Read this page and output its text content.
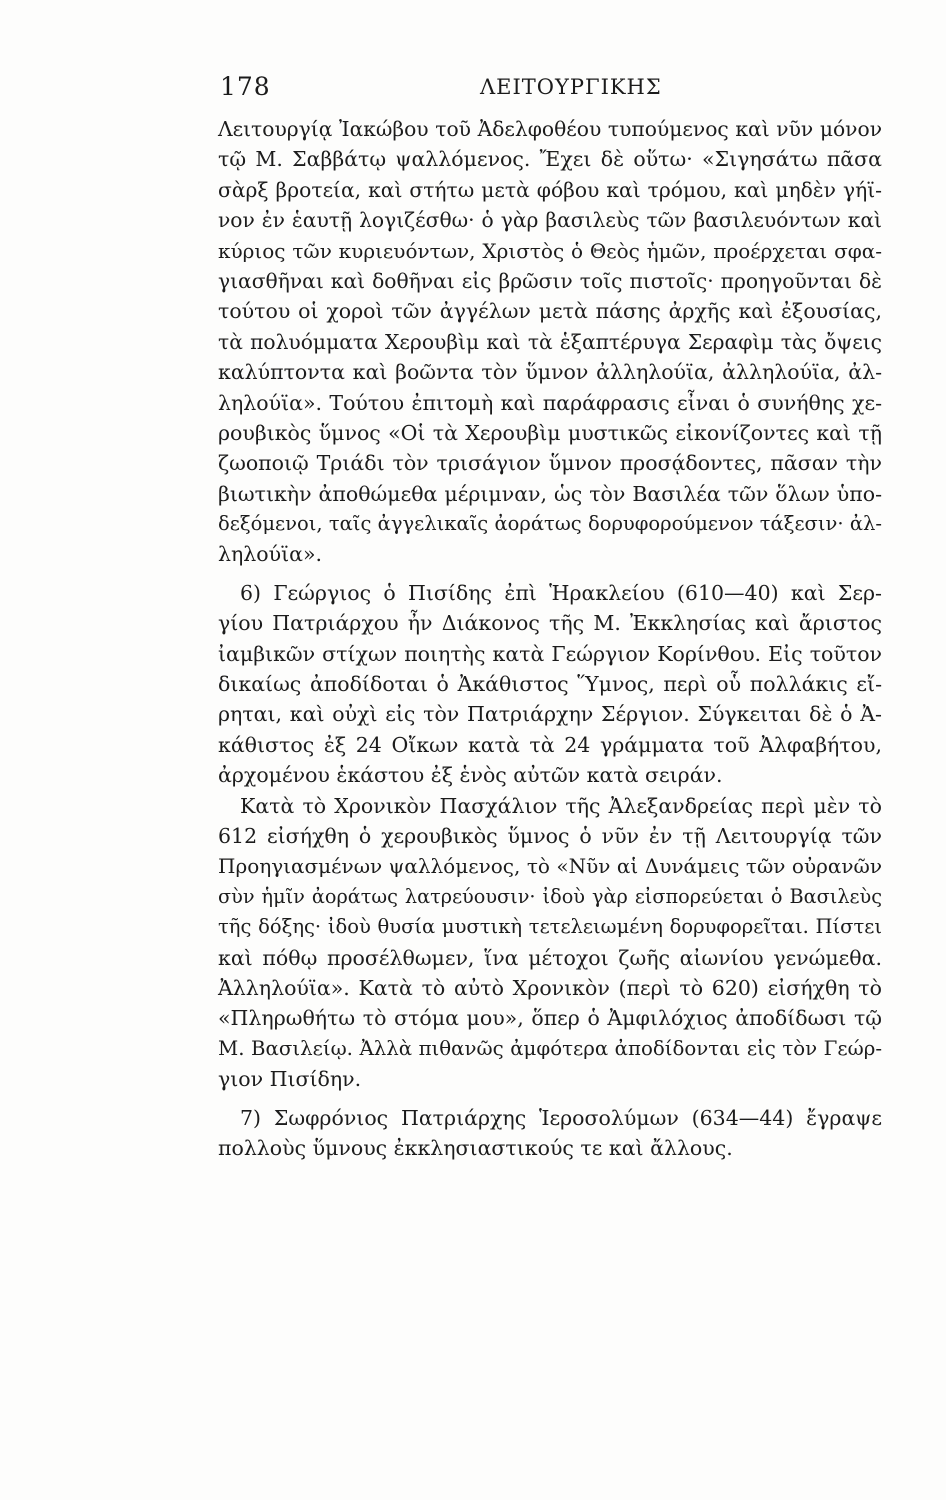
178	ΛΕΙΤΟΥΡΓΙΚΗΣ
Λειτουργίᾳ Ἰακώβου τοῦ Ἀδελφοθέου τυπούμενος καὶ νῦν μόνον
τῷ Μ. Σαββάτῳ ψαλλόμενος. Ἔχει δὲ οὕτω· «Σιγησάτω πᾶσα
σὰρξ βροτεία, καὶ στήτω μετὰ φόβου καὶ τρόμου, καὶ μηδὲν γήϊ-
νον ἐν ἑαυτῇ λογιζέσθω· ὁ γὰρ βασιλεὺς τῶν βασιλευόντων καὶ
κύριος τῶν κυριευόντων, Χριστὸς ὁ Θεὸς ἡμῶν, προέρχεται σφα-
γιασθῆναι καὶ δοθῆναι εἰς βρῶσιν τοῖς πιστοῖς· προηγοῦνται δὲ
τούτου οἱ χοροὶ τῶν ἀγγέλων μετὰ πάσης ἀρχῆς καὶ ἐξουσίας,
τὰ πολυόμματα Χερουβὶμ καὶ τὰ ἑξαπτέρυγα Σεραφὶμ τὰς ὄψεις
καλύπτοντα καὶ βοῶντα τὸν ὕμνον ἀλληλούϊα, ἀλληλούϊα, ἀλ-
ληλούϊα». Τούτου ἐπιτομὴ καὶ παράφρασις εἶναι ὁ συνήθης χε-
ρουβικὸς ὕμνος «Οἱ τὰ Χερουβὶμ μυστικῶς εἰκονίζοντες καὶ τῇ
ζωοποιῷ Τριάδι τὸν τρισάγιον ὕμνον προσᾴδοντες, πᾶσαν τὴν
βιωτικὴν ἀποθώμεθα μέριμναν, ὡς τὸν Βασιλέα τῶν ὅλων ὑπο-
δεξόμενοι, ταῖς ἀγγελικαῖς ἀοράτως δορυφορούμενον τάξεσιν· ἀλ-
ληλούϊα».
6) Γεώργιος ὁ Πισίδης ἐπὶ Ἡρακλείου (610—40) καὶ Σερ-
γίου Πατριάρχου ἦν Διάκονος τῆς Μ. Ἐκκλησίας καὶ ἄριστος
ἰαμβικῶν στίχων ποιητὴς κατὰ Γεώργιον Κορίνθου. Εἰς τοῦτον
δικαίως ἀποδίδοται ὁ Ἀκάθιστος Ὕμνος, περὶ οὗ πολλάκις εἴ-
ρηται, καὶ οὐχὶ εἰς τὸν Πατριάρχην Σέργιον. Σύγκειται δὲ ὁ Ἀ-
κάθιστος ἐξ 24 Οἴκων κατὰ τὰ 24 γράμματα τοῦ Ἀλφαβήτου,
ἀρχομένου ἑκάστου ἐξ ἑνὸς αὐτῶν κατὰ σειράν.
Κατὰ τὸ Χρονικὸν Πασχάλιον τῆς Ἀλεξανδρείας περὶ μὲν τὸ
612 εἰσήχθη ὁ χερουβικὸς ὕμνος ὁ νῦν ἐν τῇ Λειτουργίᾳ τῶν
Προηγιασμένων ψαλλόμενος, τὸ «Νῦν αἱ Δυνάμεις τῶν οὐρανῶν
σὺν ἡμῖν ἀοράτως λατρεύουσιν· ἰδοὺ γὰρ εἰσπορεύεται ὁ Βασιλεὺς
τῆς δόξης· ἰδοὺ θυσία μυστικὴ τετελειωμένη δορυφορεῖται. Πίστει
καὶ πόθῳ προσέλθωμεν, ἵνα μέτοχοι ζωῆς αἰωνίου γενώμεθα.
Ἀλληλούϊα». Κατὰ τὸ αὐτὸ Χρονικὸν (περὶ τὸ 620) εἰσήχθη τὸ
«Πληρωθήτω τὸ στόμα μου», ὅπερ ὁ Ἀμφιλόχιος ἀποδίδωσι τῷ
Μ. Βασιλείῳ. Ἀλλὰ πιθανῶς ἀμφότερα ἀποδίδονται εἰς τὸν Γεώρ-
γιον Πισίδην.
7) Σωφρόνιος Πατριάρχης Ἱεροσολύμων (634—44) ἔγραψε
πολλοὺς ὕμνους ἐκκλησιαστικούς τε καὶ ἄλλους.
